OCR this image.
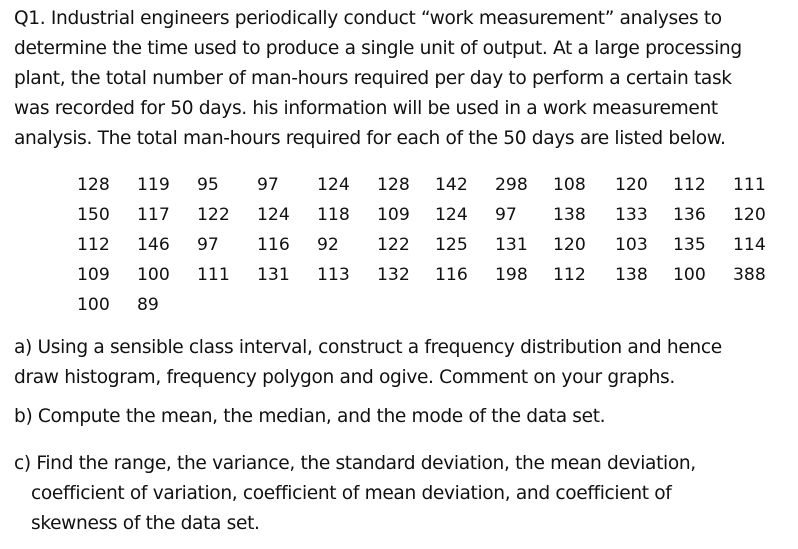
Q1. Industrial engineers periodically conduct “work measurement” analyses to
determine the time used to produce a single unit of output. At a large processing
plant, the total number of man-hours required per day to perform a certain task
was recorded for 50 days. his information will be used in a work measurement
analysis. The total man-hours required for each of the 50 days are listed below.

128	119	95	97	124	128	142	298	108	120	112	111
150	117	122	124	118	109	124	97	138	133	136	120
112	146	97	116	92	122	125	131	120	103	135	114
109	100	111	131	113	132	116	198	112	138	100	388
100	89										

a) Using a sensible class interval, construct a frequency distribution and hence
draw histogram, frequency polygon and ogive. Comment on your graphs.

b) Compute the mean, the median, and the mode of the data set.

c) Find the range, the variance, the standard deviation, the mean deviation,
coefficient of variation, coefficient of mean deviation, and coefficient of
skewness of the data set.
